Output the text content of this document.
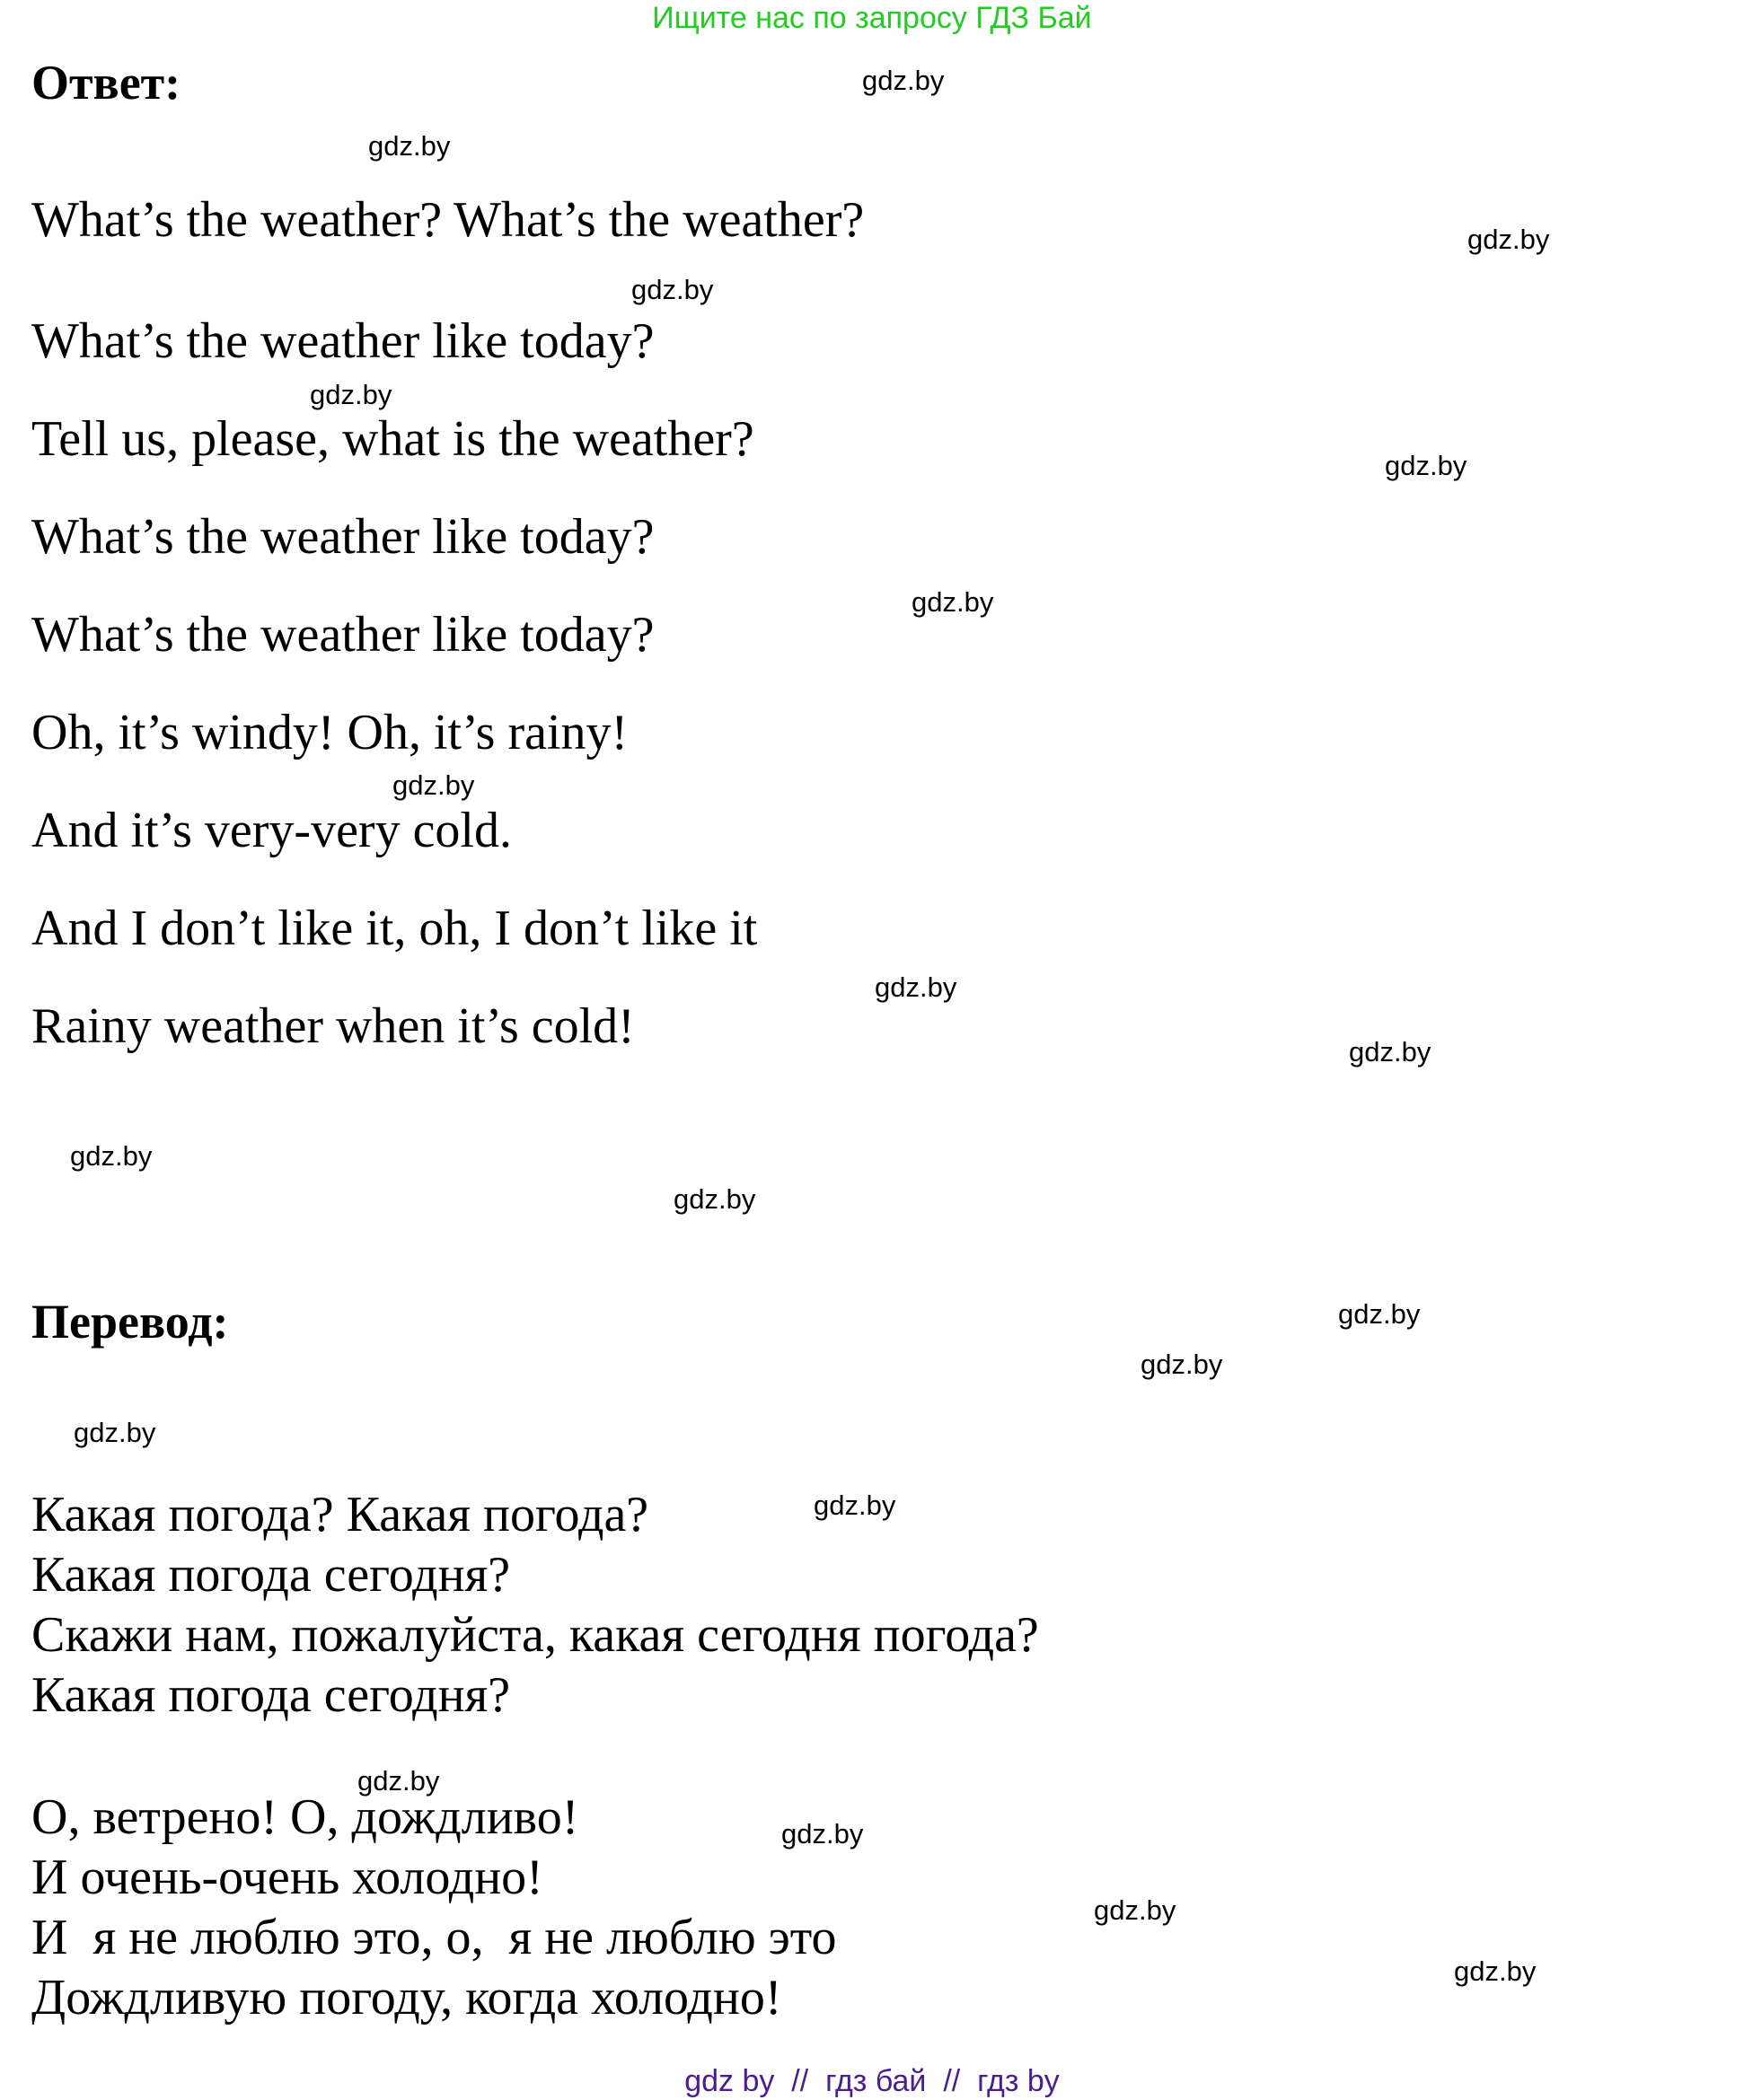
Ищите нас по запросу ГДЗ Бай
Ответ:
What’s the weather? What’s the weather?
What’s the weather like today?
Tell us, please, what is the weather?
What’s the weather like today?
What’s the weather like today?
Oh, it’s windy! Oh, it’s rainy!
And it’s very-very cold.
And I don’t like it, oh, I don’t like it
Rainy weather when it’s cold!
Перевод:
Какая погода? Какая погода?
Какая погода сегодня?
Скажи нам, пожалуйста, какая сегодня погода?
Какая погода сегодня?
О, ветрено! О, дождливо!
И очень-очень холодно!
И  я не люблю это, о,  я не люблю это
Дождливую погоду, когда холодно!
gdz.by
gdz.by
gdz.by
gdz.by
gdz.by
gdz.by
gdz.by
gdz.by
gdz.by
gdz.by
gdz.by
gdz.by
gdz.by
gdz.by
gdz.by
gdz.by
gdz.by
gdz.by
gdz.by
gdz.by
gdz by  //  гдз бай  //  гдз by
